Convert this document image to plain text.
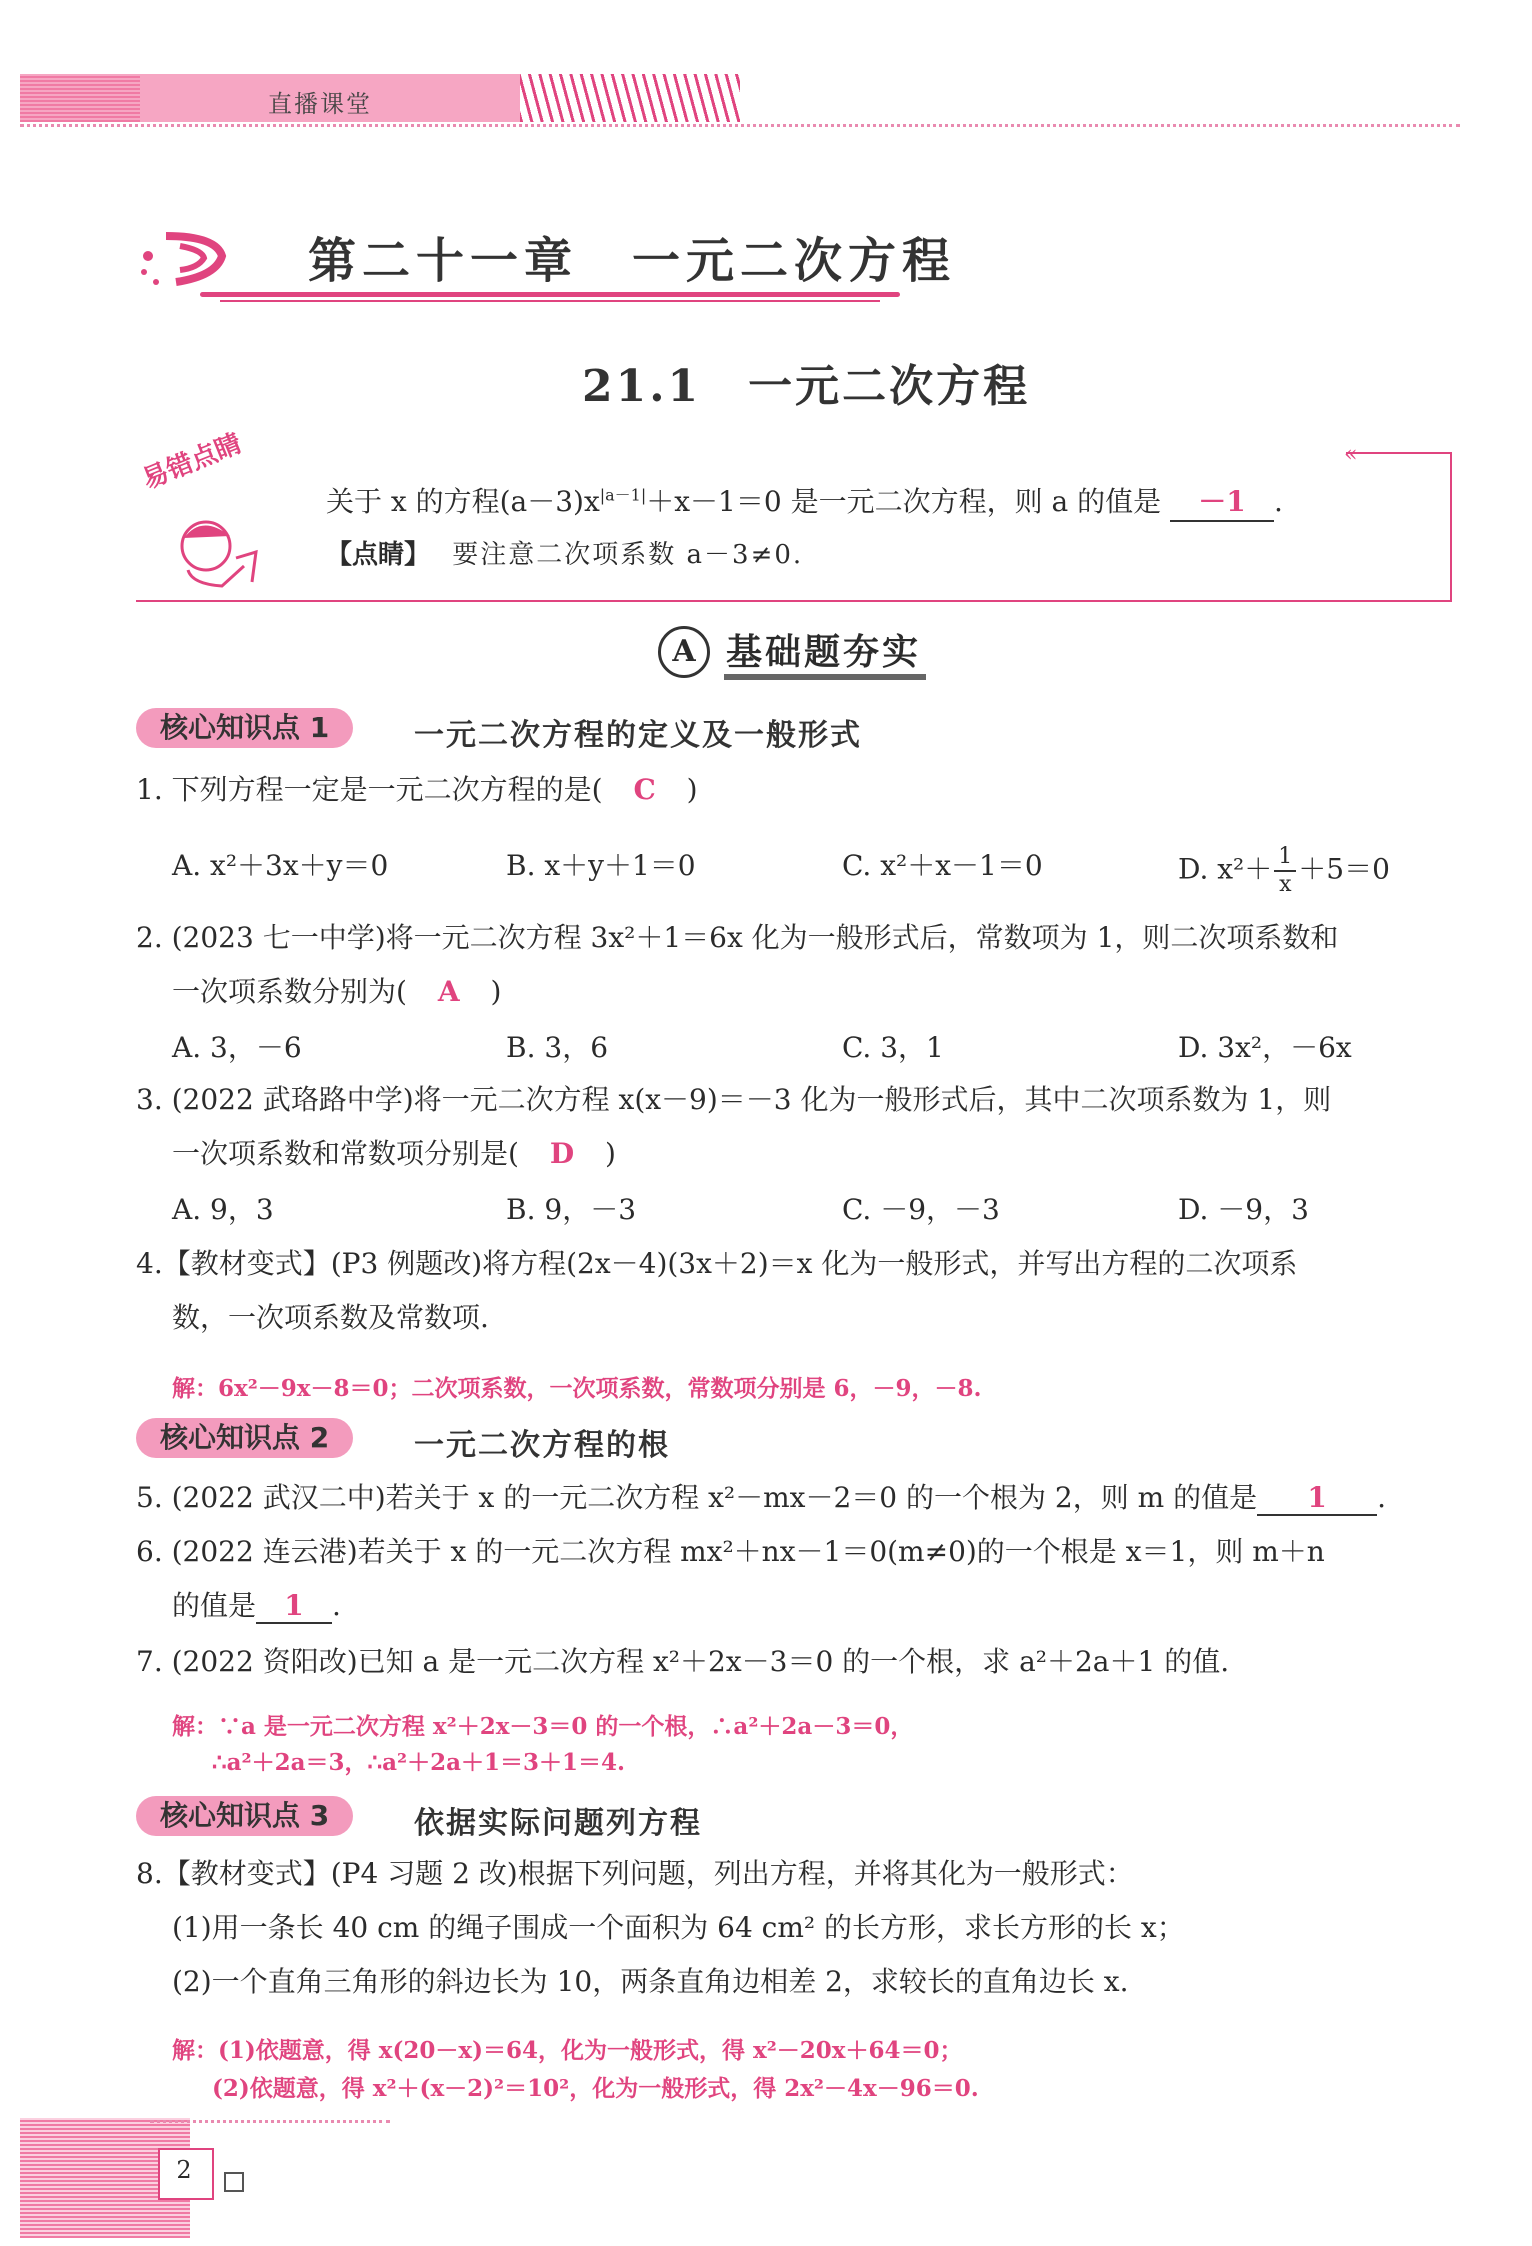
直播课堂
第二十一章　一元二次方程
21.1　一元二次方程
«
易错点睛
关于 x 的方程$(a-3)x^{|a-1|}+x-1=0$ 是一元二次方程，则 a 的值是 －1 .
【点睛】 要注意二次项系数 a－3≠0.
A 基础题夯实
核心知识点 1	一元二次方程的定义及一般形式
1. 下列方程一定是一元二次方程的是( C )
A. x²＋3x＋y＝0	B. x＋y＋1＝0	C. x²＋x－1＝0	D. $x^2+ \frac{1}{x} +5=0$
2. (2023 七一中学)将一元二次方程 3x²＋1＝6x 化为一般形式后，常数项为 1，则二次项系数和
一次项系数分别为( A )
A. 3，－6	B. 3，6	C. 3，1	D. 3x²，－6x
3. (2022 武珞路中学)将一元二次方程 x(x－9)＝－3 化为一般形式后，其中二次项系数为 1，则
一次项系数和常数项分别是( D )
A. 9，3	B. 9，－3	C. －9，－3	D. －9，3
4.【教材变式】(P3 例题改)将方程(2x－4)(3x＋2)＝x 化为一般形式，并写出方程的二次项系
数，一次项系数及常数项.
解：6x²－9x－8＝0；二次项系数，一次项系数，常数项分别是 6，－9，－8.
核心知识点 2	一元二次方程的根
5. (2022 武汉二中)若关于 x 的一元二次方程 x²－mx－2＝0 的一个根为 2，则 m 的值是 1 .
6. (2022 连云港)若关于 x 的一元二次方程 mx²＋nx－1＝0(m≠0)的一个根是 x＝1，则 m＋n
的值是 1 .
7. (2022 资阳改)已知 a 是一元二次方程 x²＋2x－3＝0 的一个根，求 a²＋2a＋1 的值.
解：∵a 是一元二次方程 x²＋2x－3＝0 的一个根，∴a²＋2a－3＝0，
∴a²＋2a＝3，∴a²＋2a＋1＝3＋1＝4.
核心知识点 3	依据实际问题列方程
8.【教材变式】(P4 习题 2 改)根据下列问题，列出方程，并将其化为一般形式：
(1)用一条长 40 cm 的绳子围成一个面积为 64 cm² 的长方形，求长方形的长 x；
(2)一个直角三角形的斜边长为 10，两条直角边相差 2，求较长的直角边长 x.
解：(1)依题意，得 x(20－x)＝64，化为一般形式，得 x²－20x＋64＝0；
(2)依题意，得 x²＋(x－2)²＝10²，化为一般形式，得 2x²－4x－96＝0.
2
